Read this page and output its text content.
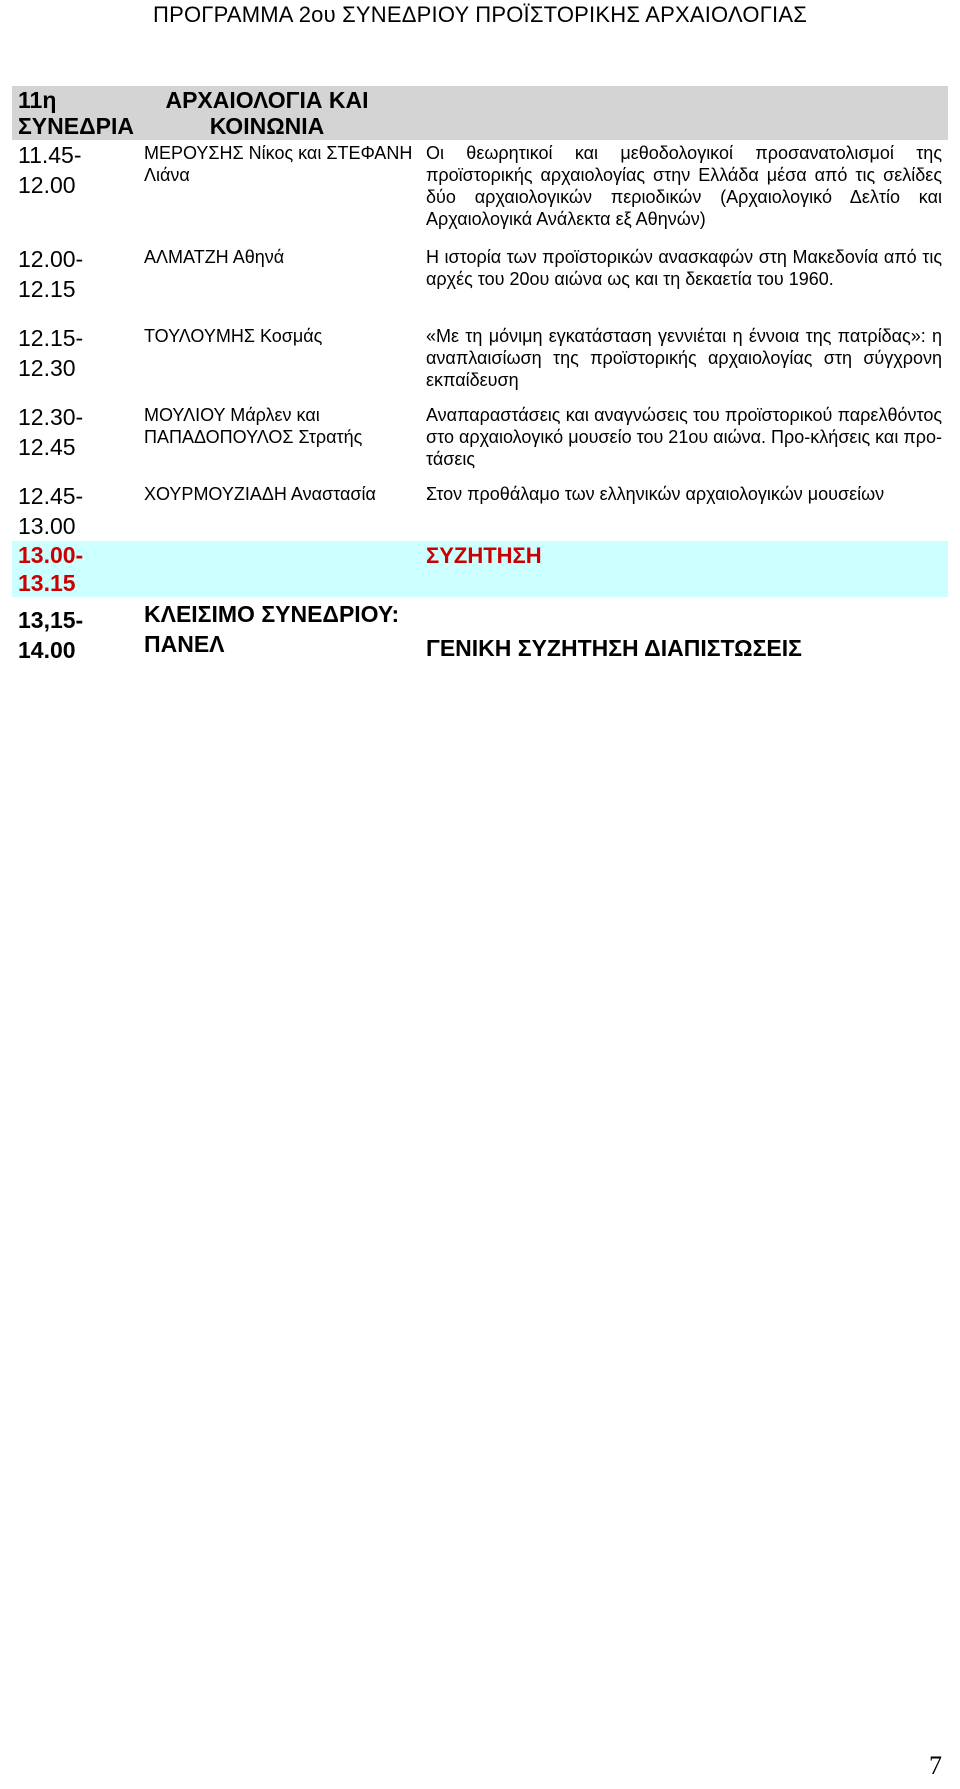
ΠΡΟΓΡΑΜΜΑ 2ου ΣΥΝΕΔΡΙΟΥ ΠΡΟΪΣΤΟΡΙΚΗΣ ΑΡΧΑΙΟΛΟΓΙΑΣ
11η ΣΥΝΕΔΡΙΑ	ΑΡΧΑΙΟΛΟΓΙΑ ΚΑΙ ΚΟΙΝΩΝΙΑ	
11.45-12.00	ΜΕΡΟΥΣΗΣ Νίκος και ΣΤΕΦΑΝΗ Λιάνα	Οι θεωρητικοί και μεθοδολογικοί προσανατολισμοί της προϊστορικής αρχαιολογίας στην Ελλάδα μέσα από τις σελίδες δύο αρχαιολογικών περιοδικών (Αρχαιολογικό Δελτίο και Αρχαιολογικά Ανάλεκτα εξ Αθηνών)
12.00-12.15	ΑΛΜΑΤΖΗ Αθηνά	Η ιστορία των προϊστορικών ανασκαφών στη Μακεδονία από τις αρχές του 20ου αιώνα ως και τη δεκαετία του 1960.
12.15-12.30	ΤΟΥΛΟΥΜΗΣ Κοσμάς	«Με τη μόνιμη εγκατάσταση γεννιέται η έννοια της πατρίδας»: η αναπλαισίωση της προϊστορικής αρχαιολογίας στη σύγχρονη εκπαίδευση
12.30-12.45	ΜΟΥΛΙΟΥ Μάρλεν και ΠΑΠΑΔΟΠΟΥΛΟΣ Στρατής	Αναπαραστάσεις και αναγνώσεις του προϊστορικού παρελθόντος στο αρχαιολογικό μουσείο του 21ου αιώνα. Προ-κλήσεις και προ-τάσεις
12.45-13.00	ΧΟΥΡΜΟΥΖΙΑΔΗ Αναστασία	Στον προθάλαμο των ελληνικών αρχαιολογικών μουσείων
13.00-13.15		ΣΥΖΗΤΗΣΗ
13,15-14.00	ΚΛΕΙΣΙΜΟ ΣΥΝΕΔΡΙΟΥ: ΠΑΝΕΛ	ΓΕΝΙΚΗ ΣΥΖΗΤΗΣΗ ΔΙΑΠΙΣΤΩΣΕΙΣ
7
